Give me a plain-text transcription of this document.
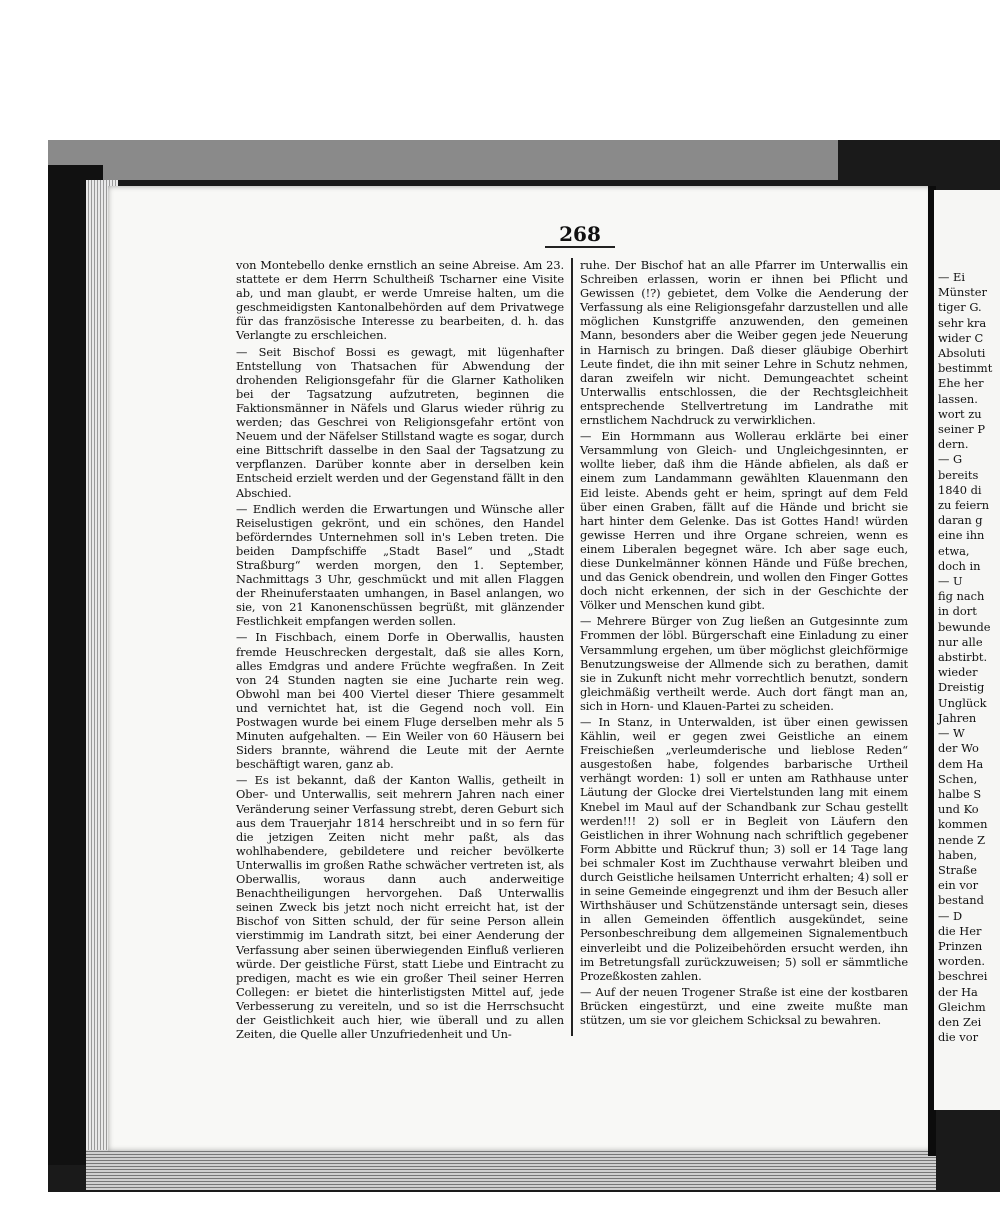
— Ei
Münster
tiger G.
sehr kra
wider C
Absoluti
bestimmt
Ehe her
lassen.
wort zu
seiner P
dern.
— G
bereits
1840 di
zu feiern
daran g
eine ihn
etwa,
doch in
— U
fig nach
in dort
bewunde
nur alle
abstirbt.
wieder
Dreistig
Unglück
Jahren
— W
der Wo
dem Ha
Schen,
halbe S
und Ko
kommen
nende Z
haben,
Straße
ein vor
bestand
— D
die Her
Prinzen
worden.
beschrei
der Ha
Gleichm
den Zei
die vor
268

von Montebello denke ernstlich an seine Abreise. Am 23. stattete er dem Herrn Schultheiß Tscharner eine Visite ab, und man glaubt, er werde Umreise halten, um die geschmeidigsten Kantonalbehörden auf dem Privatwege für das französische Interesse zu bearbeiten, d. h. das Verlangte zu erschleichen.

— Seit Bischof Bossi es gewagt, mit lügenhafter Entstellung von Thatsachen für Abwendung der drohenden Religionsgefahr für die Glarner Katholiken bei der Tagsatzung aufzutreten, beginnen die Faktionsmänner in Näfels und Glarus wieder rührig zu werden; das Geschrei von Religionsgefahr ertönt von Neuem und der Näfelser Stillstand wagte es sogar, durch eine Bittschrift dasselbe in den Saal der Tagsatzung zu verpflanzen. Darüber konnte aber in derselben kein Entscheid erzielt werden und der Gegenstand fällt in den Abschied.

— Endlich werden die Erwartungen und Wünsche aller Reiselustigen gekrönt, und ein schönes, den Handel beförderndes Unternehmen soll in's Leben treten. Die beiden Dampfschiffe „Stadt Basel“ und „Stadt Straßburg“ werden morgen, den 1. September, Nachmittags 3 Uhr, geschmückt und mit allen Flaggen der Rheinuferstaaten umhangen, in Basel anlangen, wo sie, von 21 Kanonenschüssen begrüßt, mit glänzender Festlichkeit empfangen werden sollen.

— In Fischbach, einem Dorfe in Oberwallis, hausten fremde Heuschrecken dergestalt, daß sie alles Korn, alles Emdgras und andere Früchte wegfraßen. In Zeit von 24 Stunden nagten sie eine Jucharte rein weg. Obwohl man bei 400 Viertel dieser Thiere gesammelt und vernichtet hat, ist die Gegend noch voll. Ein Postwagen wurde bei einem Fluge derselben mehr als 5 Minuten aufgehalten. — Ein Weiler von 60 Häusern bei Siders brannte, während die Leute mit der Aernte beschäftigt waren, ganz ab.

— Es ist bekannt, daß der Kanton Wallis, getheilt in Ober- und Unterwallis, seit mehrern Jahren nach einer Veränderung seiner Verfassung strebt, deren Geburt sich aus dem Trauerjahr 1814 herschreibt und in so fern für die jetzigen Zeiten nicht mehr paßt, als das wohlhabendere, gebildetere und reicher bevölkerte Unterwallis im großen Rathe schwächer vertreten ist, als Oberwallis, woraus dann auch anderweitige Benachtheiligungen hervorgehen. Daß Unterwallis seinen Zweck bis jetzt noch nicht erreicht hat, ist der Bischof von Sitten schuld, der für seine Person allein vierstimmig im Landrath sitzt, bei einer Aenderung der Verfassung aber seinen überwiegenden Einfluß verlieren würde. Der geistliche Fürst, statt Liebe und Eintracht zu predigen, macht es wie ein großer Theil seiner Herren Collegen: er bietet die hinterlistigsten Mittel auf, jede Verbesserung zu vereiteln, und so ist die Herrschsucht der Geistlichkeit auch hier, wie überall und zu allen Zeiten, die Quelle aller Unzufriedenheit und Un-

ruhe. Der Bischof hat an alle Pfarrer im Unterwallis ein Schreiben erlassen, worin er ihnen bei Pflicht und Gewissen (!?) gebietet, dem Volke die Aenderung der Verfassung als eine Religionsgefahr darzustellen und alle möglichen Kunstgriffe anzuwenden, den gemeinen Mann, besonders aber die Weiber gegen jede Neuerung in Harnisch zu bringen. Daß dieser gläubige Oberhirt Leute findet, die ihn mit seiner Lehre in Schutz nehmen, daran zweifeln wir nicht. Demungeachtet scheint Unterwallis entschlossen, die der Rechtsgleichheit entsprechende Stellvertretung im Landrathe mit ernstlichem Nachdruck zu verwirklichen.

— Ein Hormmann aus Wollerau erklärte bei einer Versammlung von Gleich- und Ungleichgesinnten, er wollte lieber, daß ihm die Hände abfielen, als daß er einem zum Landammann gewählten Klauenmann den Eid leiste. Abends geht er heim, springt auf dem Feld über einen Graben, fällt auf die Hände und bricht sie hart hinter dem Gelenke. Das ist Gottes Hand! würden gewisse Herren und ihre Organe schreien, wenn es einem Liberalen begegnet wäre. Ich aber sage euch, diese Dunkelmänner können Hände und Füße brechen, und das Genick obendrein, und wollen den Finger Gottes doch nicht erkennen, der sich in der Geschichte der Völker und Menschen kund gibt.

— Mehrere Bürger von Zug ließen an Gutgesinnte zum Frommen der löbl. Bürgerschaft eine Einladung zu einer Versammlung ergehen, um über möglichst gleichförmige Benutzungsweise der Allmende sich zu berathen, damit sie in Zukunft nicht mehr vorrechtlich benutzt, sondern gleichmäßig vertheilt werde. Auch dort fängt man an, sich in Horn- und Klauen-Partei zu scheiden.

— In Stanz, in Unterwalden, ist über einen gewissen Kählin, weil er gegen zwei Geistliche an einem Freischießen „verleumderische und lieblose Reden“ ausgestoßen habe, folgendes barbarische Urtheil verhängt worden: 1) soll er unten am Rathhause unter Läutung der Glocke drei Viertelstunden lang mit einem Knebel im Maul auf der Schandbank zur Schau gestellt werden!!! 2) soll er in Begleit von Läufern den Geistlichen in ihrer Wohnung nach schriftlich gegebener Form Abbitte und Rückruf thun; 3) soll er 14 Tage lang bei schmaler Kost im Zuchthause verwahrt bleiben und durch Geistliche heilsamen Unterricht erhalten; 4) soll er in seine Gemeinde eingegrenzt und ihm der Besuch aller Wirthshäuser und Schützenstände untersagt sein, dieses in allen Gemeinden öffentlich ausgekündet, seine Personbeschreibung dem allgemeinen Signalementbuch einverleibt und die Polizeibehörden ersucht werden, ihn im Betretungsfall zurückzuweisen; 5) soll er sämmtliche Prozeßkosten zahlen.

— Auf der neuen Trogener Straße ist eine der kostbaren Brücken eingestürzt, und eine zweite mußte man stützen, um sie vor gleichem Schicksal zu bewahren.
